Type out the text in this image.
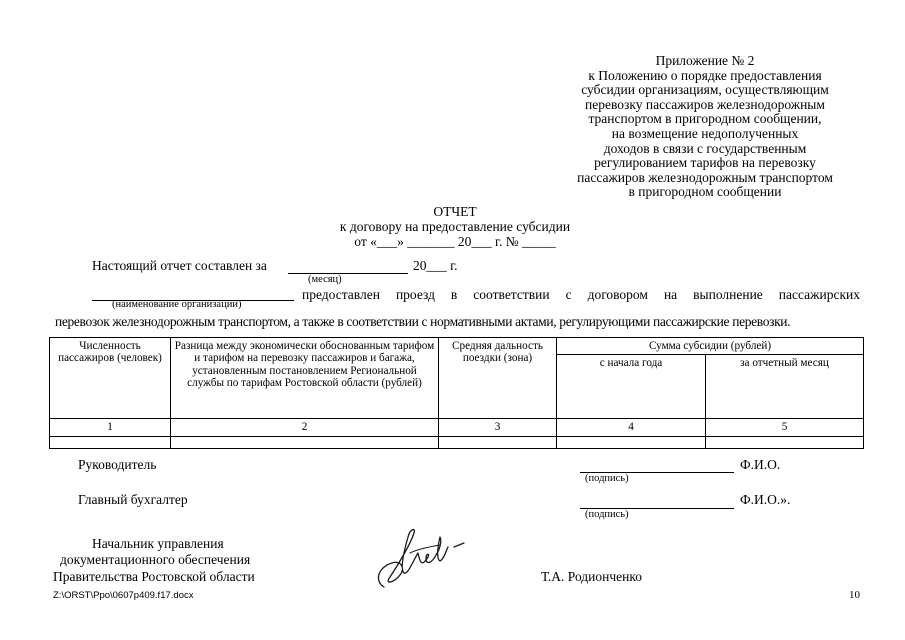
Приложение № 2
к Положению о порядке предоставления
субсидии организациям, осуществляющим
перевозку пассажиров железнодорожным
транспортом в пригородном сообщении,
на возмещение недополученных
доходов в связи с государственным
регулированием тарифов на перевозку
пассажиров железнодорожным транспортом
в пригородном сообщении
ОТЧЕТ
к договору на предоставление субсидии
от «___» _______ 20___ г. № _____
Настоящий отчет составлен за	20___ г.
(месяц)
(наименование организации)
предоставлен проезд в соответствии с договором на выполнение пассажирских
перевозок железнодорожным транспортом, а также в соответствии с нормативными актами, регулирующими пассажирские перевозки.
Численность пассажиров (человек)	Разница между экономически обоснованным тарифом и тарифом на перевозку пассажиров и багажа, установленным постановлением Региональной службы по тарифам Ростовской области (рублей)	Средняя дальность поездки (зона)	Сумма субсидии (рублей)	
			с начала года	за отчетный месяц
1	2	3	4	5

Руководитель	Ф.И.О.
(подпись)
Главный бухгалтер	Ф.И.О.».
(подпись)
Начальник управления
документационного обеспечения
Правительства Ростовской области	Т.А. Родионченко
Z:\ORST\Ppo\0607p409.f17.docx	10
